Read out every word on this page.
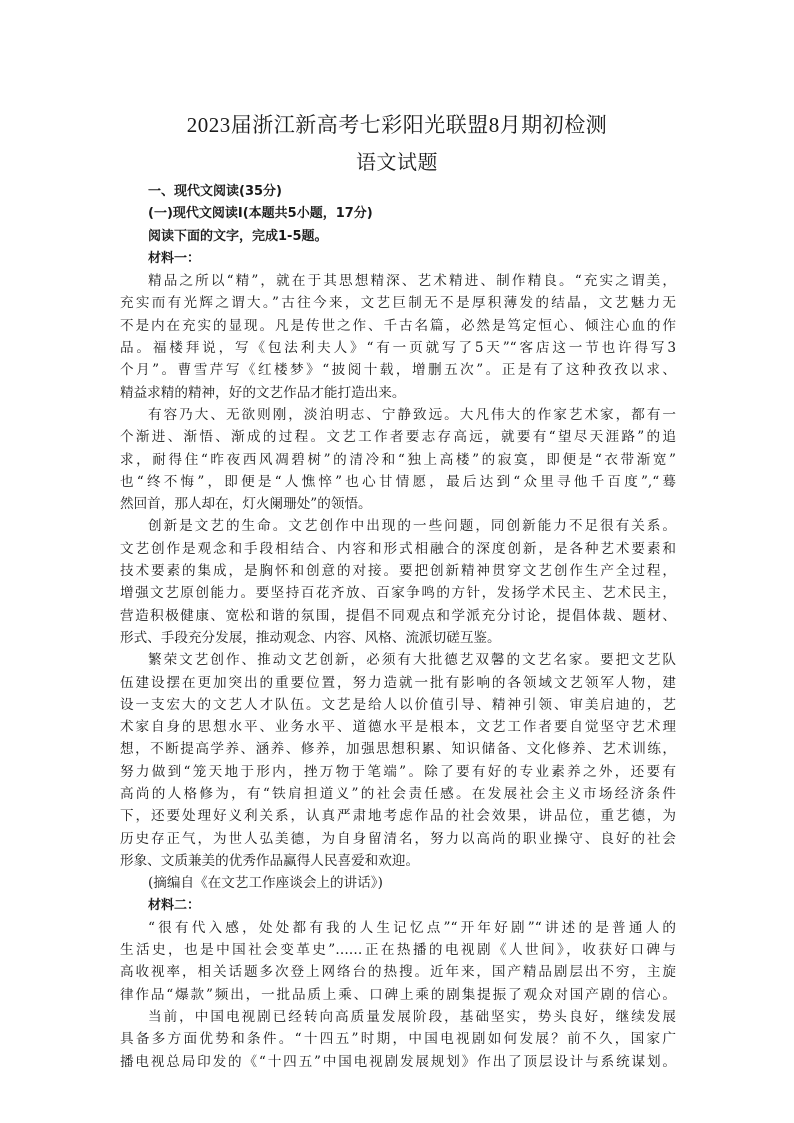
2023届浙江新高考七彩阳光联盟8月期初检测
语文试题
一、现代文阅读(35分)
(一)现代文阅读Ⅰ(本题共5小题，17分)
阅读下面的文字，完成1-5题。
材料一：
精品之所以“精”，就在于其思想精深、艺术精进、制作精良。“充实之谓美，
充实而有光辉之谓大。”古往今来，文艺巨制无不是厚积薄发的结晶，文艺魅力无
不是内在充实的显现。凡是传世之作、千古名篇，必然是笃定恒心、倾注心血的作
品。福楼拜说，写《包法利夫人》“有一页就写了5天”“客店这一节也许得写3
个月”。曹雪芹写《红楼梦》“披阅十载，增删五次”。正是有了这种孜孜以求、
精益求精的精神，好的文艺作品才能打造出来。
有容乃大、无欲则刚，淡泊明志、宁静致远。大凡伟大的作家艺术家，都有一
个渐进、渐悟、渐成的过程。文艺工作者要志存高远，就要有“望尽天涯路”的追
求，耐得住“昨夜西风凋碧树”的清冷和“独上高楼”的寂寞，即便是“衣带渐宽”
也“终不悔”，即便是“人憔悴”也心甘情愿，最后达到“众里寻他千百度”,“蓦
然回首，那人却在，灯火阑珊处”的领悟。
创新是文艺的生命。文艺创作中出现的一些问题，同创新能力不足很有关系。
文艺创作是观念和手段相结合、内容和形式相融合的深度创新，是各种艺术要素和
技术要素的集成，是胸怀和创意的对接。要把创新精神贯穿文艺创作生产全过程，
增强文艺原创能力。要坚持百花齐放、百家争鸣的方针，发扬学术民主、艺术民主，
营造积极健康、宽松和谐的氛围，提倡不同观点和学派充分讨论，提倡体裁、题材、
形式、手段充分发展，推动观念、内容、风格、流派切磋互鉴。
繁荣文艺创作、推动文艺创新，必须有大批德艺双馨的文艺名家。要把文艺队
伍建设摆在更加突出的重要位置，努力造就一批有影响的各领域文艺领军人物，建
设一支宏大的文艺人才队伍。文艺是给人以价值引导、精神引领、审美启迪的，艺
术家自身的思想水平、业务水平、道德水平是根本，文艺工作者要自觉坚守艺术理
想，不断提高学养、涵养、修养，加强思想积累、知识储备、文化修养、艺术训练，
努力做到“笼天地于形内，挫万物于笔端”。除了要有好的专业素养之外，还要有
高尚的人格修为，有“铁肩担道义”的社会责任感。在发展社会主义市场经济条件
下，还要处理好义利关系，认真严肃地考虑作品的社会效果，讲品位，重艺德，为
历史存正气，为世人弘美德，为自身留清名，努力以高尚的职业操守、良好的社会
形象、文质兼美的优秀作品赢得人民喜爱和欢迎。
(摘编自《在文艺工作座谈会上的讲话》)
材料二：
“很有代入感，处处都有我的人生记忆点”“开年好剧”“讲述的是普通人的
生活史，也是中国社会变革史”……正在热播的电视剧《人世间》，收获好口碑与
高收视率，相关话题多次登上网络台的热搜。近年来，国产精品剧层出不穷，主旋
律作品“爆款”频出，一批品质上乘、口碑上乘的剧集提振了观众对国产剧的信心。
当前，中国电视剧已经转向高质量发展阶段，基础坚实，势头良好，继续发展
具备多方面优势和条件。“十四五”时期，中国电视剧如何发展？前不久，国家广
播电视总局印发的《“十四五”中国电视剧发展规划》作出了顶层设计与系统谋划。
